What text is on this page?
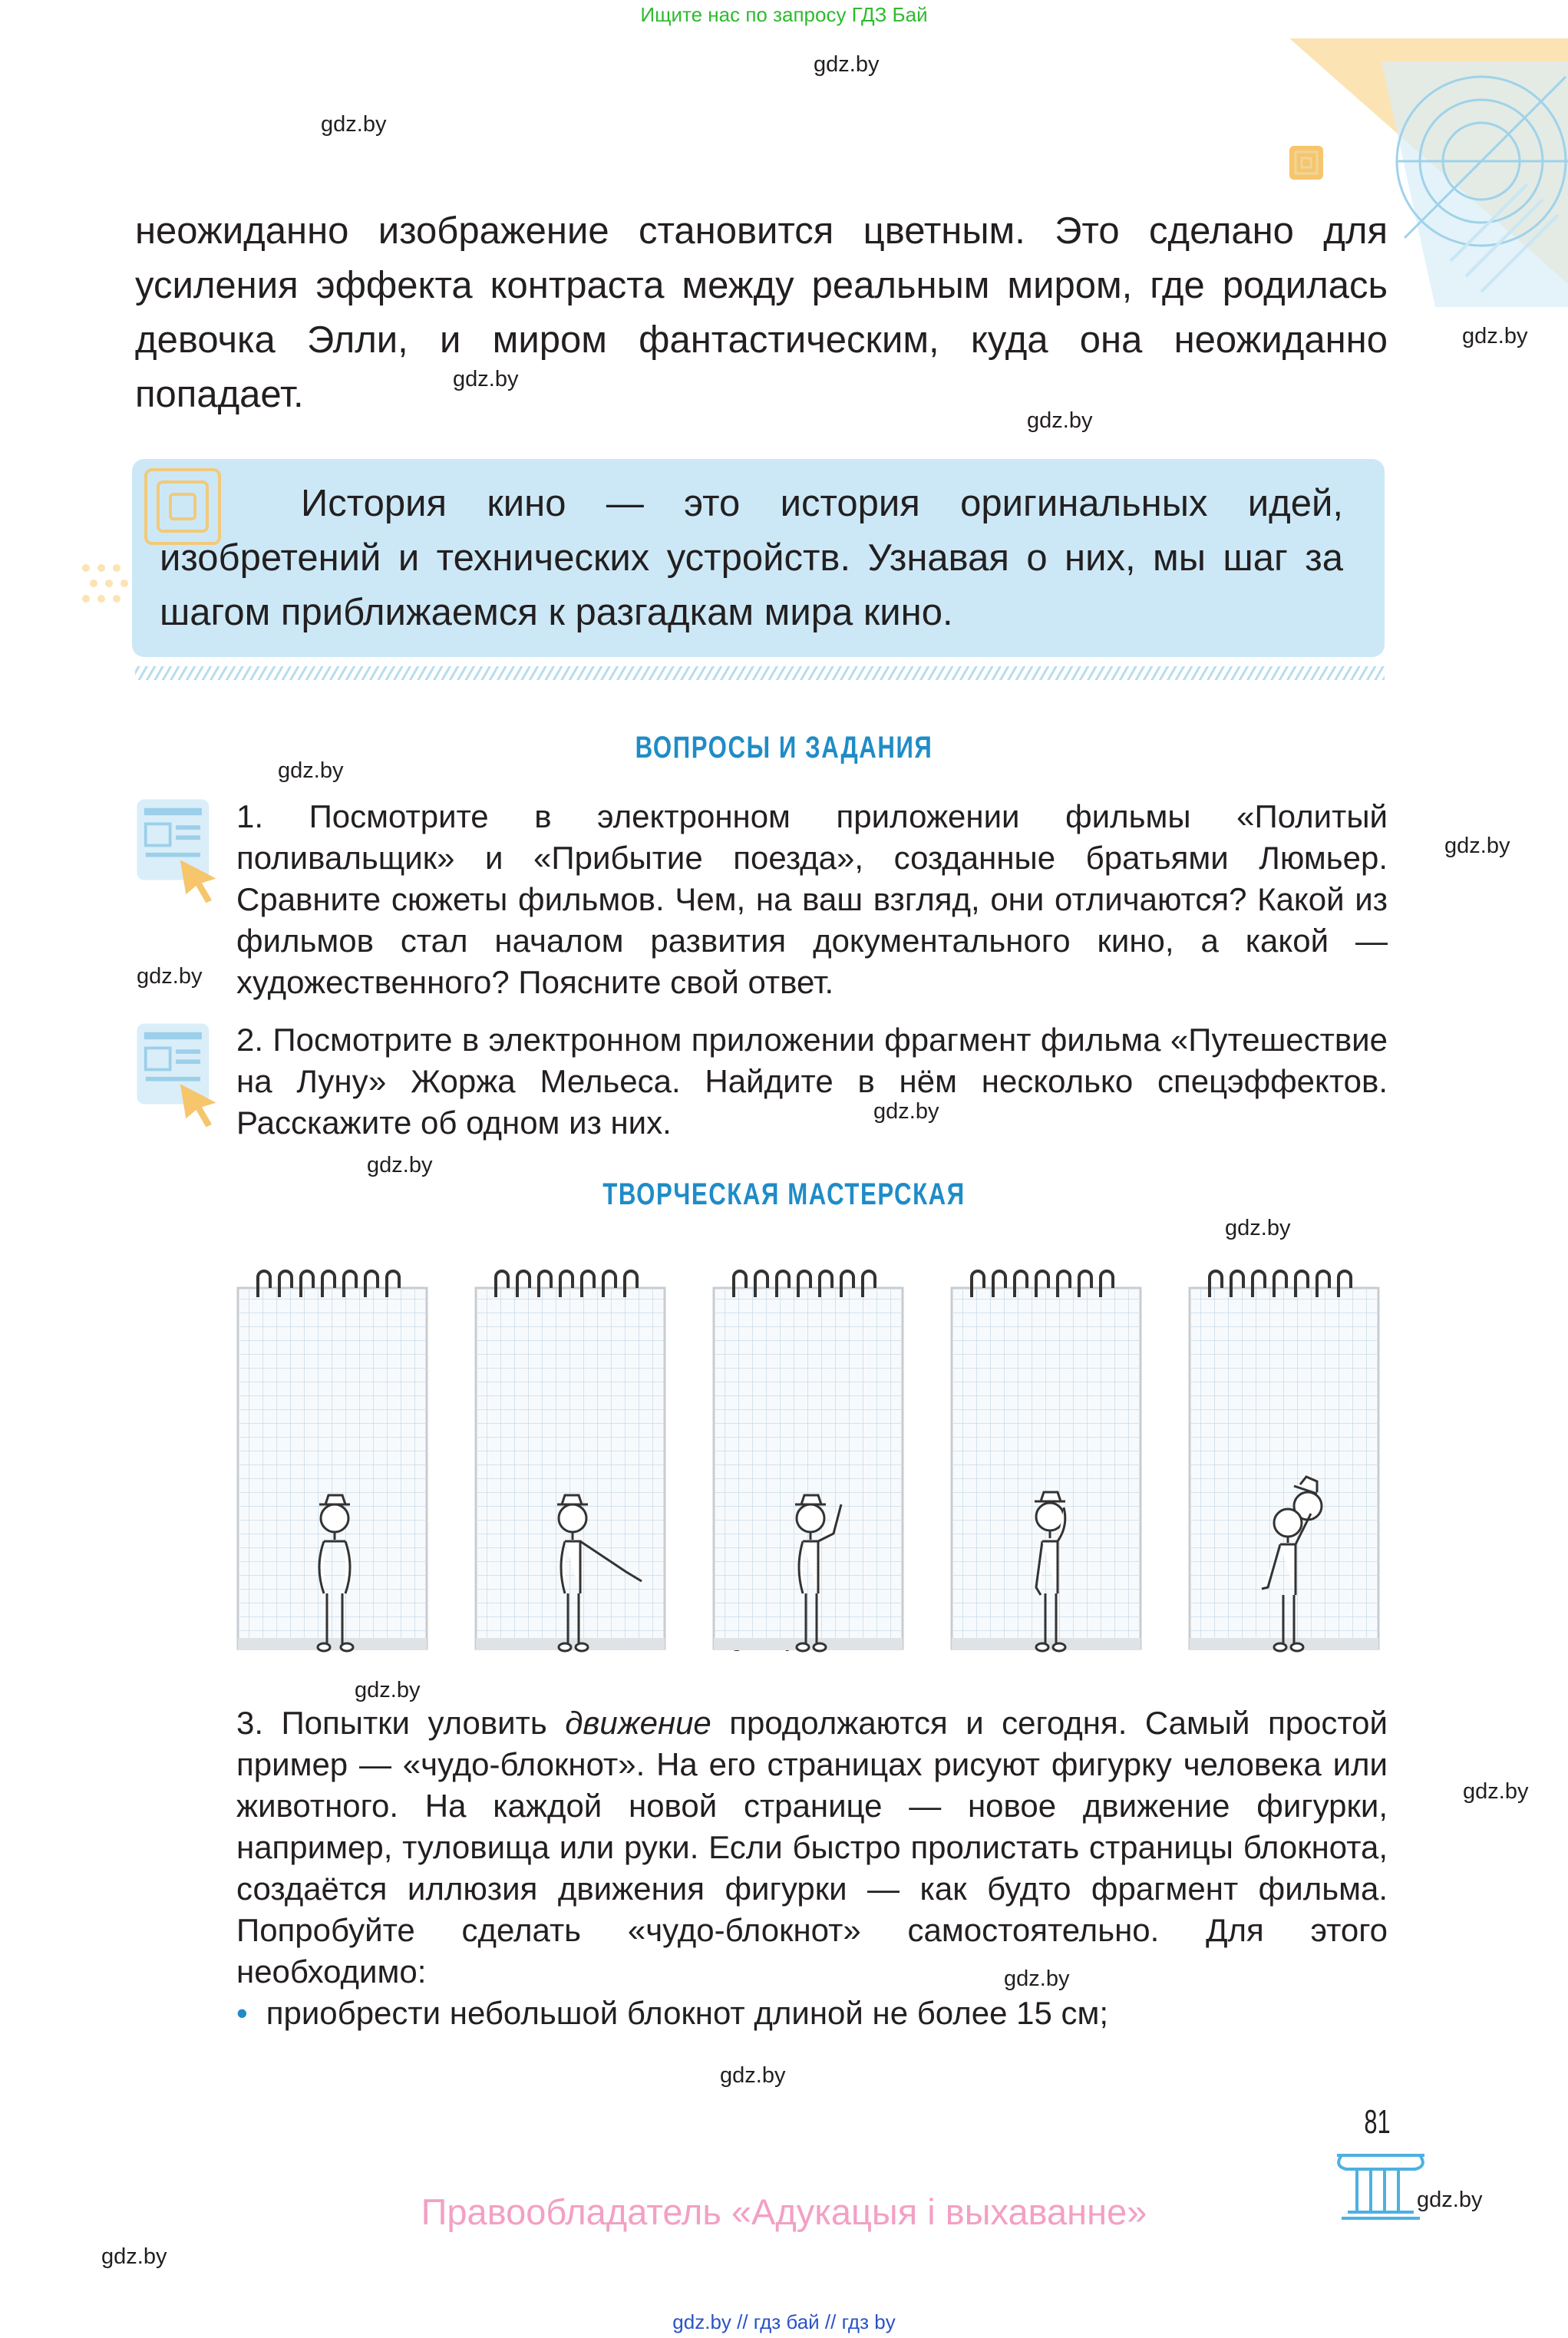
Ищите нас по запросу ГДЗ Бай
gdz.by
gdz.by
gdz.by
gdz.by
gdz.by
gdz.by
gdz.by
gdz.by
gdz.by
gdz.by
gdz.by
gdz.by
gdz.by
gdz.by
gdz.by
gdz.by
gdz.by
неожиданно изображение становится цветным. Это сделано для усиления эффекта контраста между реальным миром, где родилась девочка Элли, и миром фантастическим, куда она неожиданно попадает.
История кино — это история оригинальных идей, изобретений и технических устройств. Узнавая о них, мы шаг за шагом приближаемся к разгадкам мира кино.
ВОПРОСЫ И ЗАДАНИЯ
1. Посмотрите в электронном приложении фильмы «Политый поливальщик» и «Прибытие поезда», созданные братьями Люмьер. Сравните сюжеты фильмов. Чем, на ваш взгляд, они отличаются? Какой из фильмов стал началом развития документального кино, а какой — художественного? Поясните свой ответ.
2. Посмотрите в электронном приложении фрагмент фильма «Путешествие на Луну» Жоржа Мельеса. Найдите в нём несколько спецэффектов. Расскажите об одном из них.
ТВОРЧЕСКАЯ МАСТЕРСКАЯ
3. Попытки уловить движение продолжаются и сегодня. Самый простой пример — «чудо-блокнот». На его страницах рисуют фигурку человека или животного. На каждой новой странице — новое движение фигурки, например, туловища или руки. Если быстро пролистать страницы блокнота, создаётся иллюзия движения фигурки — как будто фрагмент фильма. Попробуйте сделать «чудо-блокнот» самостоятельно. Для этого необходимо:
• приобрести небольшой блокнот длиной не более 15 см;
81
Правообладатель «Адукацыя і выхаванне»
gdz.by // гдз бай // гдз by
